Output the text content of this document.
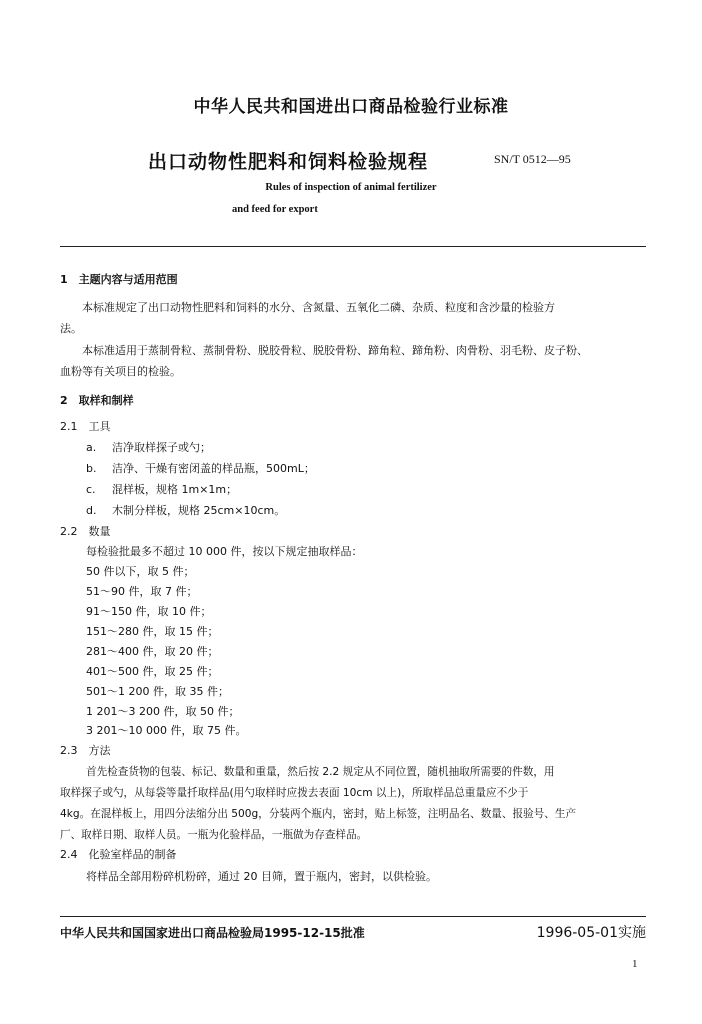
中华人民共和国进出口商品检验行业标准
出口动物性肥料和饲料检验规程	SN/T 0512—95
Rules of inspection of animal fertilizer
and feed for export
1　主题内容与适用范围
本标准规定了出口动物性肥料和饲料的水分、含氮量、五氧化二磷、杂质、粒度和含沙量的检验方
法。
本标准适用于蒸制骨粒、蒸制骨粉、脱胶骨粒、脱胶骨粉、蹄角粒、蹄角粉、肉骨粉、羽毛粉、皮子粉、
血粉等有关项目的检验。
2　取样和制样
2.1　工具
a. 洁净取样探子或勺；
b. 洁净、干燥有密闭盖的样品瓶，500mL；
c. 混样板，规格 1m×1m；
d. 木制分样板，规格 25cm×10cm。
2.2　数量
每检验批最多不超过 10 000 件，按以下规定抽取样品：
50 件以下，取 5 件；
51～90 件，取 7 件；
91～150 件，取 10 件；
151～280 件，取 15 件；
281～400 件，取 20 件；
401～500 件，取 25 件；
501～1 200 件，取 35 件；
1 201～3 200 件，取 50 件；
3 201～10 000 件，取 75 件。
2.3　方法
首先检查货物的包装、标记、数量和重量，然后按 2.2 规定从不同位置，随机抽取所需要的件数，用
取样探子或勺，从每袋等量扦取样品(用勺取样时应拨去表面 10cm 以上)，所取样品总重量应不少于
4kg。在混样板上，用四分法缩分出 500g，分装两个瓶内，密封，贴上标签，注明品名、数量、报验号、生产
厂、取样日期、取样人员。一瓶为化验样品，一瓶做为存查样品。
2.4　化验室样品的制备
将样品全部用粉碎机粉碎，通过 20 目筛，置于瓶内，密封，以供检验。
中华人民共和国国家进出口商品检验局1995-12-15批准	1996-05-01实施
1
